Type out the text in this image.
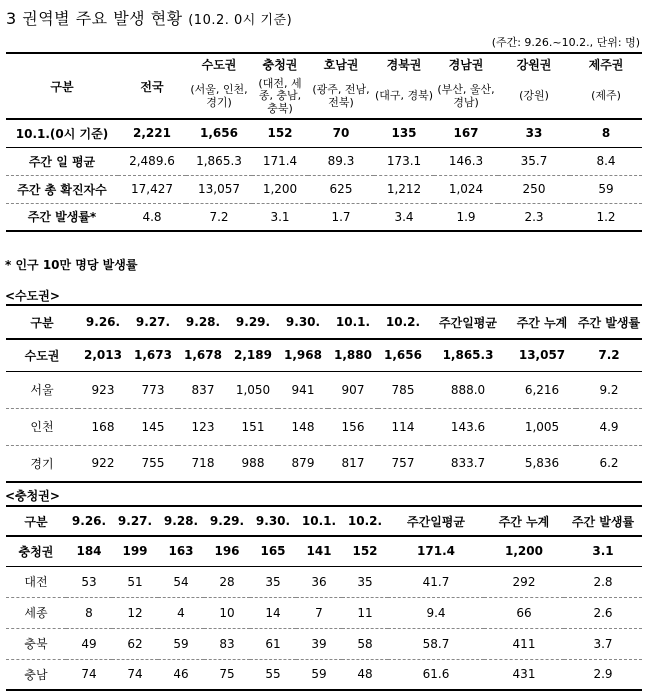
3 권역별 주요 발생 현황 (10.2. 0시 기준)
(주간: 9.26.~10.2., 단위: 명)
구분	전국	수도권	충청권	호남권	경북권	경남권	강원권	제주권
		(서울, 인천, 경기)	(대전, 세종, 충남, 충북)	(광주, 전남, 전북)	(대구, 경북)	(부산, 울산, 경남)	(강원)	(제주)
10.1.(0시 기준)	2,221	1,656	152	70	135	167	33	8
주간 일 평균	2,489.6	1,865.3	171.4	89.3	173.1	146.3	35.7	8.4
주간 총 확진자수	17,427	13,057	1,200	625	1,212	1,024	250	59
주간 발생률*	4.8	7.2	3.1	1.7	3.4	1.9	2.3	1.2
* 인구 10만 명당 발생률
<수도권>
구분	9.26.	9.27.	9.28.	9.29.	9.30.	10.1.	10.2.	주간일평균	주간 누계	주간 발생률
수도권	2,013	1,673	1,678	2,189	1,968	1,880	1,656	1,865.3	13,057	7.2
서울	923	773	837	1,050	941	907	785	888.0	6,216	9.2
인천	168	145	123	151	148	156	114	143.6	1,005	4.9
경기	922	755	718	988	879	817	757	833.7	5,836	6.2
<충청권>
구분	9.26.	9.27.	9.28.	9.29.	9.30.	10.1.	10.2.	주간일평균	주간 누계	주간 발생률
충청권	184	199	163	196	165	141	152	171.4	1,200	3.1
대전	53	51	54	28	35	36	35	41.7	292	2.8
세종	8	12	4	10	14	7	11	9.4	66	2.6
충북	49	62	59	83	61	39	58	58.7	411	3.7
충남	74	74	46	75	55	59	48	61.6	431	2.9
